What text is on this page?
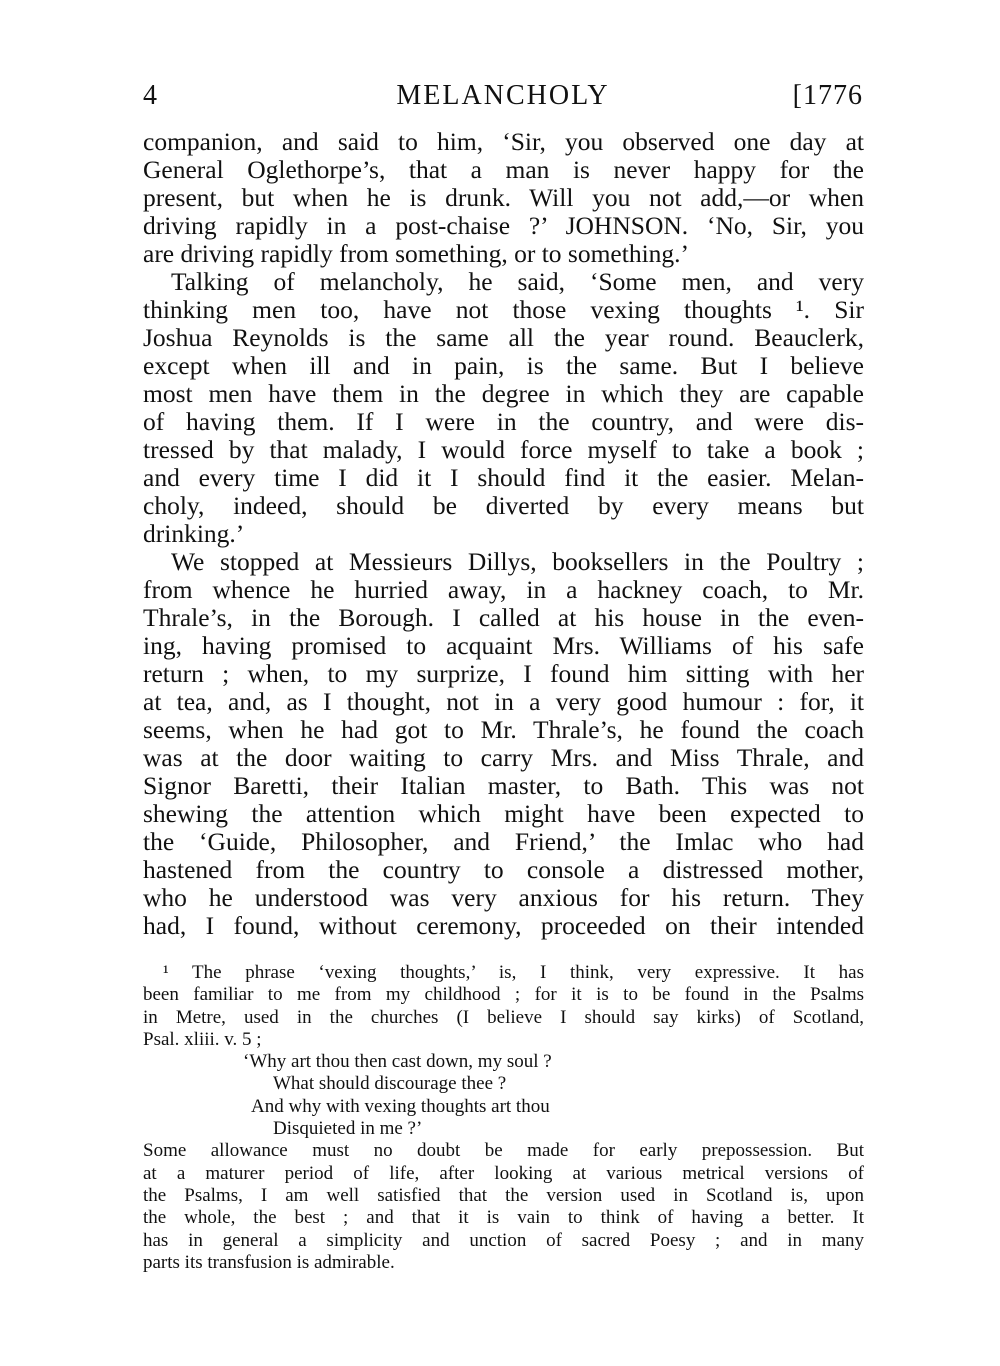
4	MELANCHOLY	[1776
companion, and said to him, ‘Sir, you observed one day at
General Oglethorpe’s, that a man is never happy for the
present, but when he is drunk. Will you not add,—or when
driving rapidly in a post-chaise ?’ JOHNSON. ‘No, Sir, you
are driving rapidly from something, or to something.’
Talking of melancholy, he said, ‘Some men, and very
thinking men too, have not those vexing thoughts ¹. Sir
Joshua Reynolds is the same all the year round. Beauclerk,
except when ill and in pain, is the same. But I believe
most men have them in the degree in which they are capable
of having them. If I were in the country, and were dis-
tressed by that malady, I would force myself to take a book ;
and every time I did it I should find it the easier. Melan-
choly, indeed, should be diverted by every means but
drinking.’
We stopped at Messieurs Dillys, booksellers in the Poultry ;
from whence he hurried away, in a hackney coach, to Mr.
Thrale’s, in the Borough. I called at his house in the even-
ing, having promised to acquaint Mrs. Williams of his safe
return ; when, to my surprize, I found him sitting with her
at tea, and, as I thought, not in a very good humour : for, it
seems, when he had got to Mr. Thrale’s, he found the coach
was at the door waiting to carry Mrs. and Miss Thrale, and
Signor Baretti, their Italian master, to Bath. This was not
shewing the attention which might have been expected to
the ‘Guide, Philosopher, and Friend,’ the Imlac who had
hastened from the country to console a distressed mother,
who he understood was very anxious for his return. They
had, I found, without ceremony, proceeded on their intended
¹ The phrase ‘vexing thoughts,’ is, I think, very expressive. It has
been familiar to me from my childhood ; for it is to be found in the Psalms
in Metre, used in the churches (I believe I should say kirks) of Scotland,
Psal. xliii. v. 5 ;
‘Why art thou then cast down, my soul ?
What should discourage thee ?
And why with vexing thoughts art thou
Disquieted in me ?’
Some allowance must no doubt be made for early prepossession. But
at a maturer period of life, after looking at various metrical versions of
the Psalms, I am well satisfied that the version used in Scotland is, upon
the whole, the best ; and that it is vain to think of having a better. It
has in general a simplicity and unction of sacred Poesy ; and in many
parts its transfusion is admirable.
